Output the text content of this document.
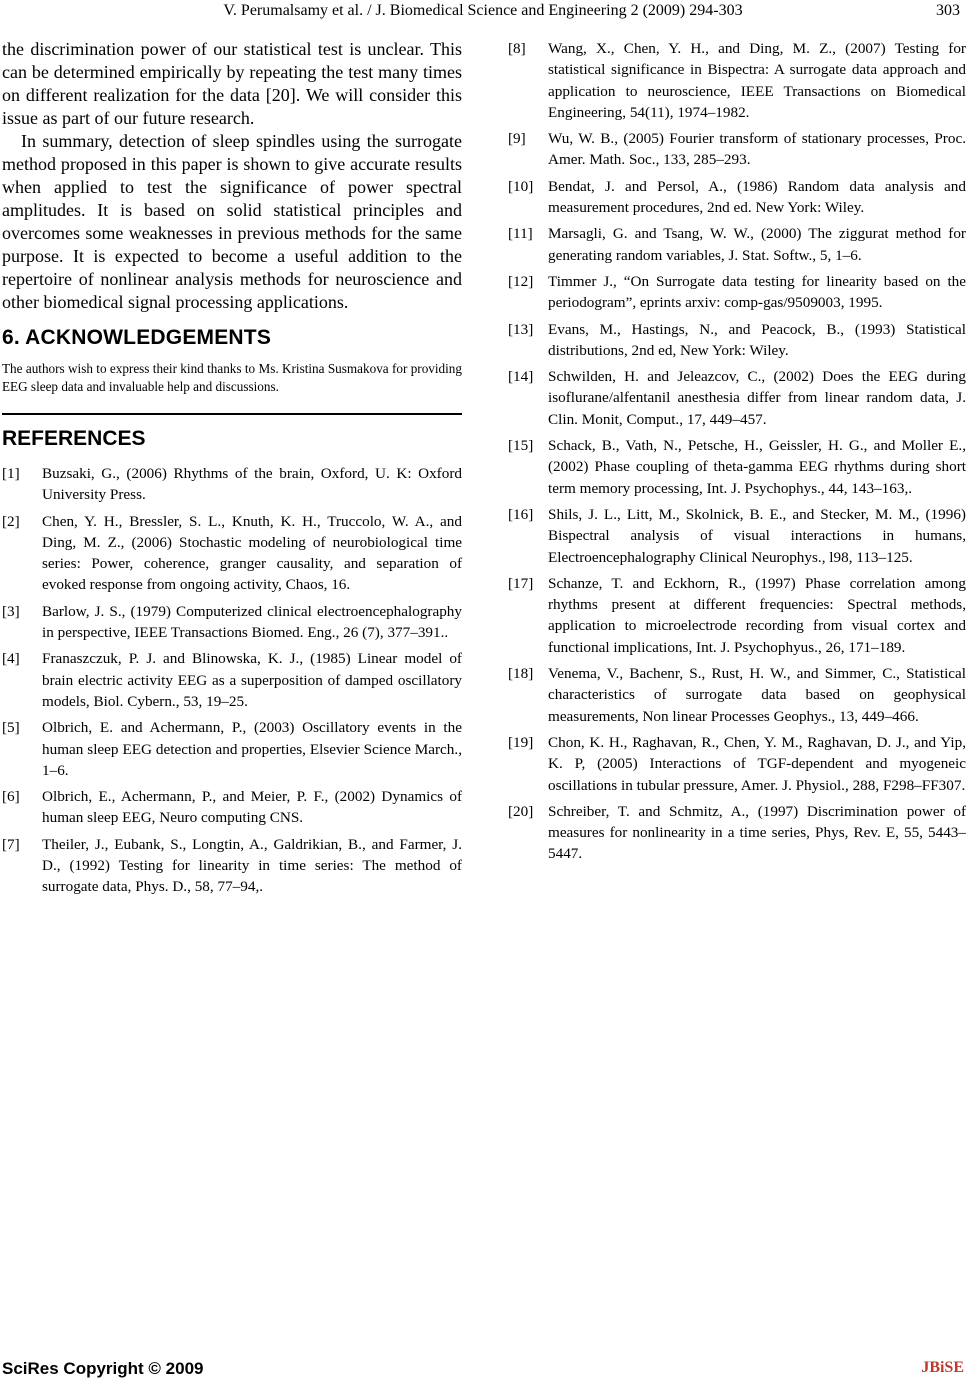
V. Perumalsamy et al. / J. Biomedical Science and Engineering 2 (2009) 294-303	303

the discrimination power of our statistical test is unclear. This can be determined empirically by repeating the test many times on different realization for the data [20]. We will consider this issue as part of our future research.

In summary, detection of sleep spindles using the surrogate method proposed in this paper is shown to give accurate results when applied to test the significance of power spectral amplitudes. It is based on solid statistical principles and overcomes some weaknesses in previous methods for the same purpose. It is expected to become a useful addition to the repertoire of nonlinear analysis methods for neuroscience and other biomedical signal processing applications.

6. ACKNOWLEDGEMENTS

The authors wish to express their kind thanks to Ms. Kristina Susmakova for providing EEG sleep data and invaluable help and discussions.

REFERENCES
[1]	Buzsaki, G., (2006) Rhythms of the brain, Oxford, U. K: Oxford University Press.
[2]	Chen, Y. H., Bressler, S. L., Knuth, K. H., Truccolo, W. A., and Ding, M. Z., (2006) Stochastic modeling of neurobiological time series: Power, coherence, granger causality, and separation of evoked response from ongoing activity, Chaos, 16.
[3]	Barlow, J. S., (1979) Computerized clinical electroencephalography in perspective, IEEE Transactions Biomed. Eng., 26 (7), 377–391..
[4]	Franaszczuk, P. J. and Blinowska, K. J., (1985) Linear model of brain electric activity EEG as a superposition of damped oscillatory models, Biol. Cybern., 53, 19–25.
[5]	Olbrich, E. and Achermann, P., (2003) Oscillatory events in the human sleep EEG detection and properties, Elsevier Science March., 1–6.
[6]	Olbrich, E., Achermann, P., and Meier, P. F., (2002) Dynamics of human sleep EEG, Neuro computing CNS.
[7]	Theiler, J., Eubank, S., Longtin, A., Galdrikian, B., and Farmer, J. D., (1992) Testing for linearity in time series: The method of surrogate data, Phys. D., 58, 77–94,.
[8]	Wang, X., Chen, Y. H., and Ding, M. Z., (2007) Testing for statistical significance in Bispectra: A surrogate data approach and application to neuroscience, IEEE Transactions on Biomedical Engineering, 54(11), 1974–1982.
[9]	Wu, W. B., (2005) Fourier transform of stationary processes, Proc. Amer. Math. Soc., 133, 285–293.
[10] Bendat, J. and Persol, A., (1986) Random data analysis and measurement procedures, 2nd ed. New York: Wiley.
[11]	Marsagli, G. and Tsang, W. W., (2000) The ziggurat method for generating random variables, J. Stat. Softw., 5, 1–6.
[12] Timmer J., “On Surrogate data testing for linearity based on the periodogram”, eprints arxiv: comp-gas/9509003, 1995.
[13] Evans, M., Hastings, N., and Peacock, B., (1993) Statistical distributions, 2nd ed, New York: Wiley.
[14] Schwilden, H. and Jeleazcov, C., (2002) Does the EEG during isoflurane/alfentanil anesthesia differ from linear random data, J. Clin. Monit, Comput., 17, 449–457.
[15] Schack, B., Vath, N., Petsche, H., Geissler, H. G., and Moller E., (2002) Phase coupling of theta-gamma EEG rhythms during short term memory processing, Int. J. Psychophys., 44, 143–163,.
[16] Shils, J. L., Litt, M., Skolnick, B. E., and Stecker, M. M., (1996) Bispectral analysis of visual interactions in humans, Electroencephalography Clinical Neurophys., l98, 113–125.
[17] Schanze, T. and Eckhorn, R., (1997) Phase correlation among rhythms present at different frequencies: Spectral methods, application to microelectrode recording from visual cortex and functional implications, Int. J. Psychophyus., 26, 171–189.
[18] Venema, V., Bachenr, S., Rust, H. W., and Simmer, C., Statistical characteristics of surrogate data based on geophysical measurements, Non linear Processes Geophys., 13, 449–466.
[19] Chon, K. H., Raghavan, R., Chen, Y. M., Raghavan, D. J., and Yip, K. P, (2005) Interactions of TGF-dependent and myogeneic oscillations in tubular pressure, Amer. J. Physiol., 288, F298–FF307.
[20] Schreiber, T. and Schmitz, A., (1997) Discrimination power of measures for nonlinearity in a time series, Phys, Rev. E, 55, 5443–5447.
SciRes Copyright © 2009	JBiSE
